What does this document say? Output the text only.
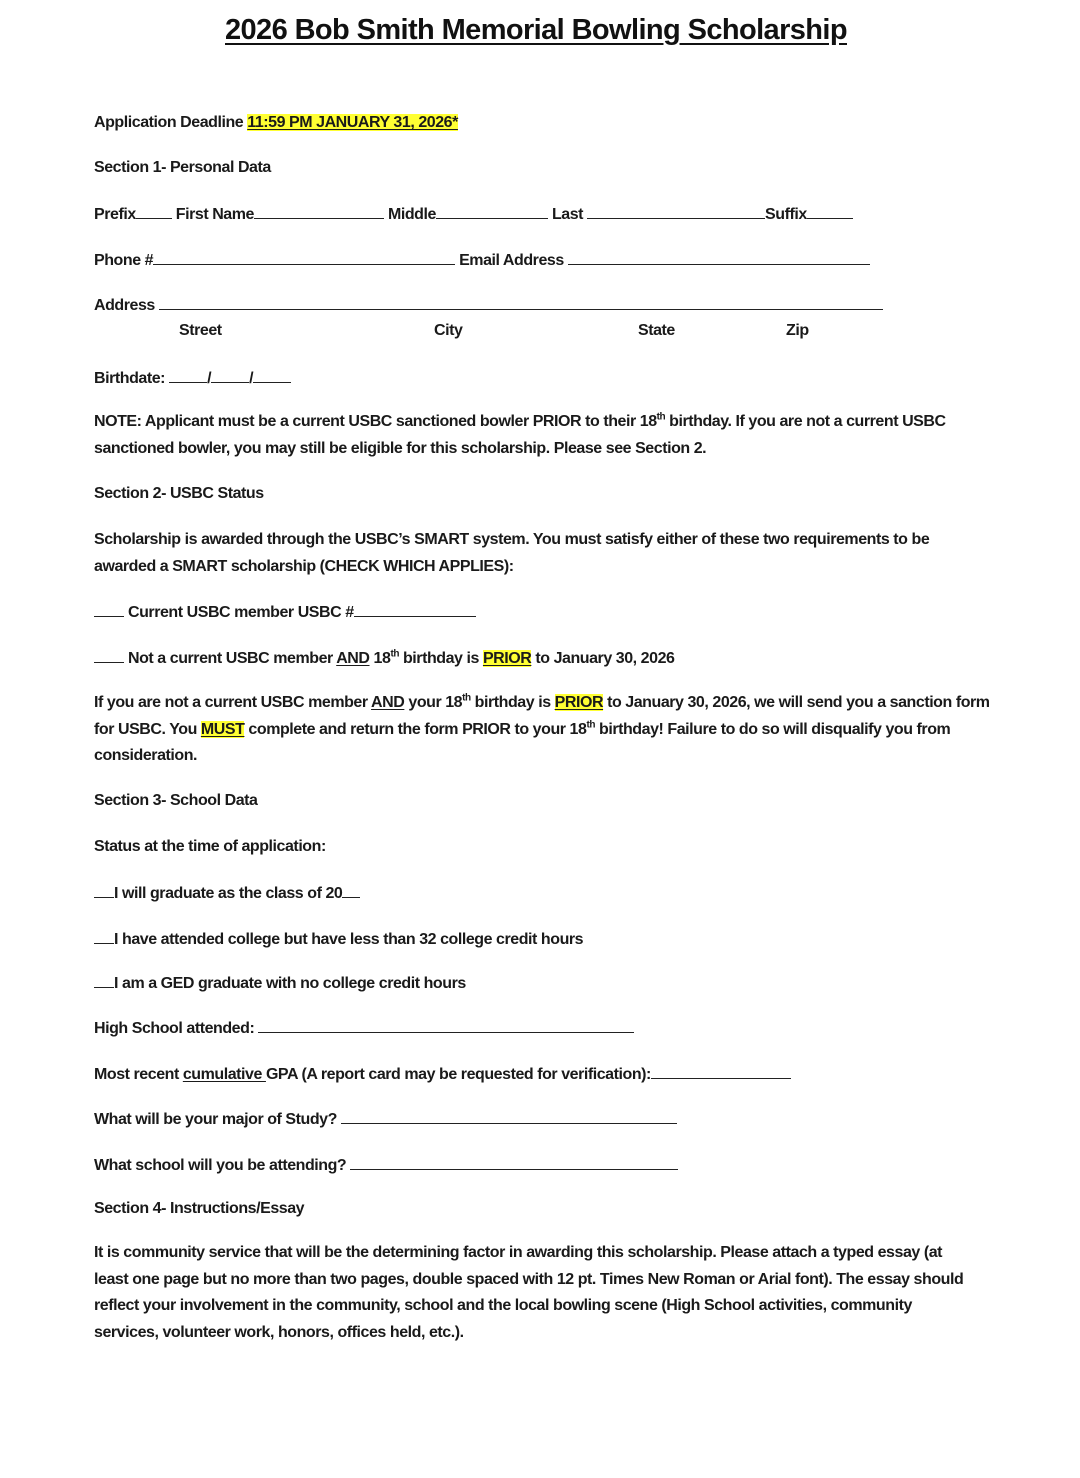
2026 Bob Smith Memorial Bowling Scholarship
Application Deadline 11:59 PM JANUARY 31, 2026*
Section 1- Personal Data
Prefix First Name	Middle	Last	Suffix
Phone #	Email Address
Address
Street	City	State	Zip
Birthdate: / /
NOTE: Applicant must be a current USBC sanctioned bowler PRIOR to their 18th birthday. If you are not a current USBC sanctioned bowler, you may still be eligible for this scholarship. Please see Section 2.
Section 2- USBC Status
Scholarship is awarded through the USBC’s SMART system. You must satisfy either of these two requirements to be awarded a SMART scholarship (CHECK WHICH APPLIES):
Current USBC member USBC #
Not a current USBC member AND 18th birthday is PRIOR to January 30, 2026
If you are not a current USBC member AND your 18th birthday is PRIOR to January 30, 2026, we will send you a sanction form for USBC. You MUST complete and return the form PRIOR to your 18th birthday! Failure to do so will disqualify you from consideration.
Section 3- School Data
Status at the time of application:
I will graduate as the class of 20
I have attended college but have less than 32 college credit hours
I am a GED graduate with no college credit hours
High School attended:
Most recent cumulative GPA (A report card may be requested for verification):
What will be your major of Study?
What school will you be attending?
Section 4- Instructions/Essay
It is community service that will be the determining factor in awarding this scholarship. Please attach a typed essay (at least one page but no more than two pages, double spaced with 12 pt. Times New Roman or Arial font). The essay should reflect your involvement in the community, school and the local bowling scene (High School activities, community services, volunteer work, honors, offices held, etc.).
